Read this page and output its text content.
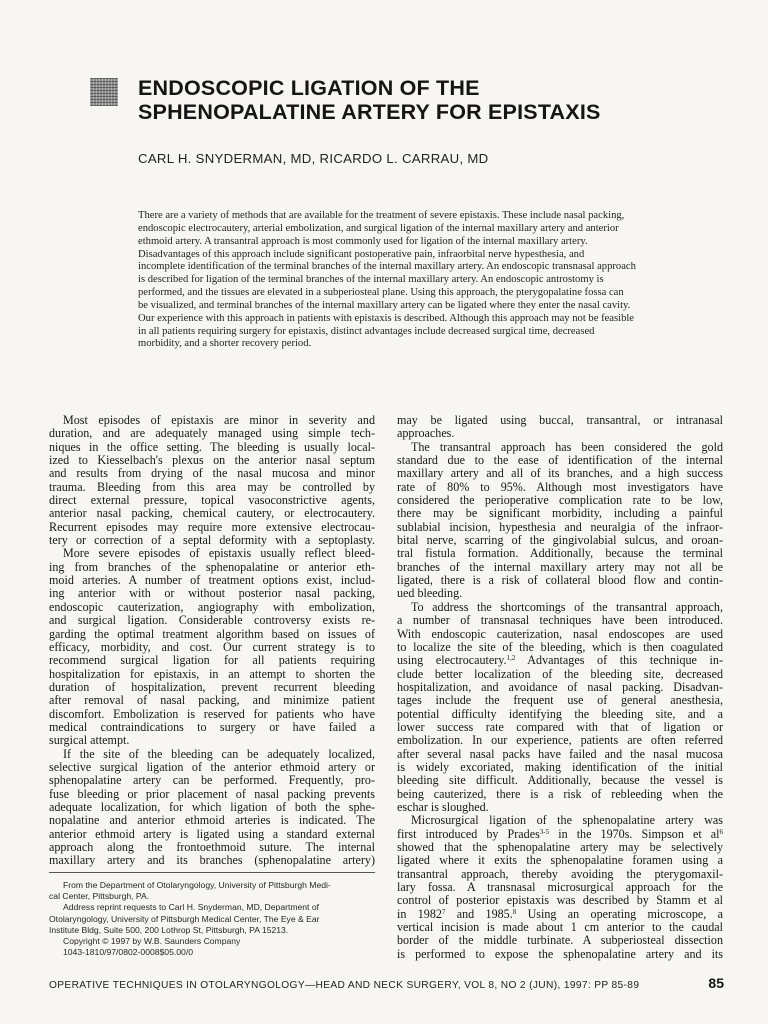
ENDOSCOPIC LIGATION OF THE
SPHENOPALATINE ARTERY FOR EPISTAXIS
CARL H. SNYDERMAN, MD, RICARDO L. CARRAU, MD
There are a variety of methods that are available for the treatment of severe epistaxis. These include nasal packing,
endoscopic electrocautery, arterial embolization, and surgical ligation of the internal maxillary artery and anterior
ethmoid artery. A transantral approach is most commonly used for ligation of the internal maxillary artery.
Disadvantages of this approach include significant postoperative pain, infraorbital nerve hypesthesia, and
incomplete identification of the terminal branches of the internal maxillary artery. An endoscopic transnasal approach
is described for ligation of the terminal branches of the internal maxillary artery. An endoscopic antrostomy is
performed, and the tissues are elevated in a subperiosteal plane. Using this approach, the pterygopalatine fossa can
be visualized, and terminal branches of the internal maxillary artery can be ligated where they enter the nasal cavity.
Our experience with this approach in patients with epistaxis is described. Although this approach may not be feasible
in all patients requiring surgery for epistaxis, distinct advantages include decreased surgical time, decreased
morbidity, and a shorter recovery period.
Most episodes of epistaxis are minor in severity and
duration, and are adequately managed using simple tech-
niques in the office setting. The bleeding is usually local-
ized to Kiesselbach's plexus on the anterior nasal septum
and results from drying of the nasal mucosa and minor
trauma. Bleeding from this area may be controlled by
direct external pressure, topical vasoconstrictive agents,
anterior nasal packing, chemical cautery, or electrocautery.
Recurrent episodes may require more extensive electrocau-
tery or correction of a septal deformity with a septoplasty.
More severe episodes of epistaxis usually reflect bleed-
ing from branches of the sphenopalatine or anterior eth-
moid arteries. A number of treatment options exist, includ-
ing anterior with or without posterior nasal packing,
endoscopic cauterization, angiography with embolization,
and surgical ligation. Considerable controversy exists re-
garding the optimal treatment algorithm based on issues of
efficacy, morbidity, and cost. Our current strategy is to
recommend surgical ligation for all patients requiring
hospitalization for epistaxis, in an attempt to shorten the
duration of hospitalization, prevent recurrent bleeding
after removal of nasal packing, and minimize patient
discomfort. Embolization is reserved for patients who have
medical contraindications to surgery or have failed a
surgical attempt.
If the site of the bleeding can be adequately localized,
selective surgical ligation of the anterior ethmoid artery or
sphenopalatine artery can be performed. Frequently, pro-
fuse bleeding or prior placement of nasal packing prevents
adequate localization, for which ligation of both the sphe-
nopalatine and anterior ethmoid arteries is indicated. The
anterior ethmoid artery is ligated using a standard external
approach along the frontoethmoid suture. The internal
maxillary artery and its branches (sphenopalatine artery)
may be ligated using buccal, transantral, or intranasal
approaches.
The transantral approach has been considered the gold
standard due to the ease of identification of the internal
maxillary artery and all of its branches, and a high success
rate of 80% to 95%. Although most investigators have
considered the perioperative complication rate to be low,
there may be significant morbidity, including a painful
sublabial incision, hypesthesia and neuralgia of the infraor-
bital nerve, scarring of the gingivolabial sulcus, and oroan-
tral fistula formation. Additionally, because the terminal
branches of the internal maxillary artery may not all be
ligated, there is a risk of collateral blood flow and contin-
ued bleeding.
To address the shortcomings of the transantral approach,
a number of transnasal techniques have been introduced.
With endoscopic cauterization, nasal endoscopes are used
to localize the site of the bleeding, which is then coagulated
using electrocautery.$^{1,2}$ Advantages of this technique in-
clude better localization of the bleeding site, decreased
hospitalization, and avoidance of nasal packing. Disadvan-
tages include the frequent use of general anesthesia,
potential difficulty identifying the bleeding site, and a
lower success rate compared with that of ligation or
embolization. In our experience, patients are often referred
after several nasal packs have failed and the nasal mucosa
is widely excoriated, making identification of the initial
bleeding site difficult. Additionally, because the vessel is
being cauterized, there is a risk of rebleeding when the
eschar is sloughed.
Microsurgical ligation of the sphenopalatine artery was
first introduced by Prades$^{3-5}$ in the 1970s. Simpson et $al^6$
showed that the sphenopalatine artery may be selectively
ligated where it exits the sphenopalatine foramen using a
transantral approach, thereby avoiding the pterygomaxil-
lary fossa. A transnasal microsurgical approach for the
control of posterior epistaxis was described by Stamm et al
in 1982$^7$ and 1985.$^8$ Using an operating microscope, a
vertical incision is made about 1 cm anterior to the caudal
border of the middle turbinate. A subperiosteal dissection
is performed to expose the sphenopalatine artery and its
From the Department of Otolaryngology, University of Pittsburgh Medi-
cal Center, Pittsburgh, PA.
Address reprint requests to Carl H. Snyderman, MD, Department of
Otolaryngology, University of Pittsburgh Medical Center, The Eye & Ear
Institute Bldg, Suite 500, 200 Lothrop St, Pittsburgh, PA 15213.
Copyright © 1997 by W.B. Saunders Company
1043-1810/97/0802-0008$05.00/0
OPERATIVE TECHNIQUES IN OTOLARYNGOLOGY—HEAD AND NECK SURGERY, VOL 8, NO 2 (JUN), 1997: PP 85-89	85
